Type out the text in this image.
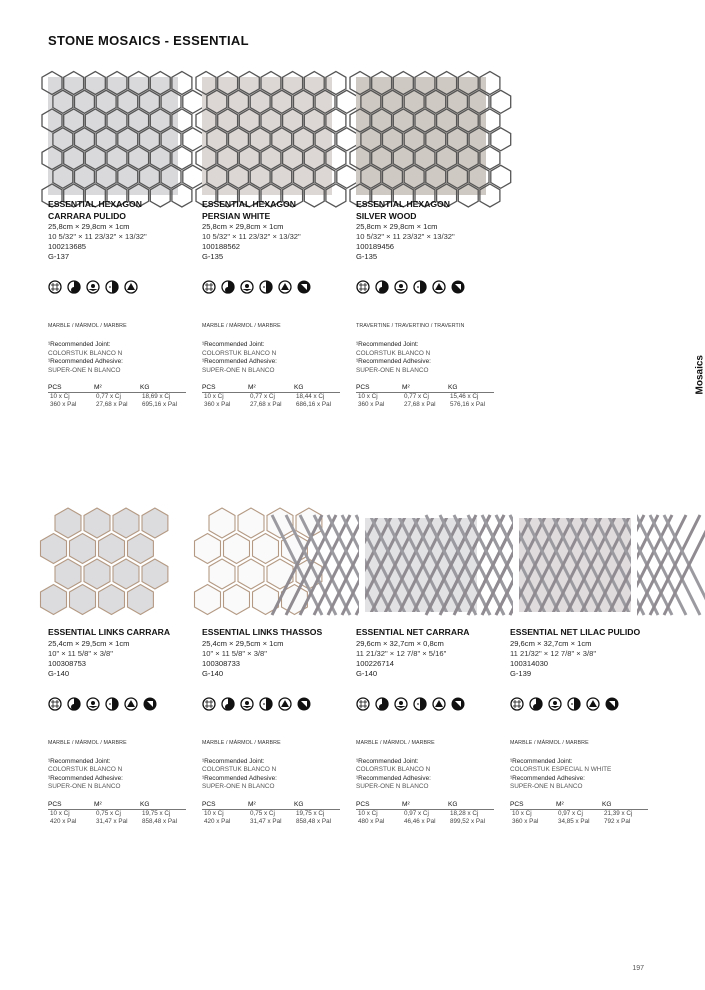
STONE MOSAICS - ESSENTIAL
Mosaics
197
ESSENTIAL HEXAGON
CARRARA PULIDO
25,8cm × 29,8cm × 1cm
10 5/32" × 11 23/32" × 13/32"
100213685
G-137
MARBLE / MÁRMOL / MARBRE
¹Recommended Joint:
COLORSTUK BLANCO N
¹Recommended Adhesive:
SUPER-ONE N BLANCO
PCS	M²	KG
10 x Cj	0,77 x Cj	18,69 x Cj
360 x Pal	27,68 x Pal	695,16 x Pal
ESSENTIAL HEXAGON
PERSIAN WHITE
25,8cm × 29,8cm × 1cm
10 5/32" × 11 23/32" × 13/32"
100188562
G-135
MARBLE / MÁRMOL / MARBRE
¹Recommended Joint:
COLORSTUK BLANCO N
¹Recommended Adhesive:
SUPER-ONE N BLANCO
PCS	M²	KG
10 x Cj	0,77 x Cj	18,44 x Cj
360 x Pal	27,68 x Pal	686,16 x Pal
ESSENTIAL HEXAGON
SILVER WOOD
25,8cm × 29,8cm × 1cm
10 5/32" × 11 23/32" × 13/32"
100189456
G-135
TRAVERTINE / TRAVERTINO / TRAVERTIN
¹Recommended Joint:
COLORSTUK BLANCO N
¹Recommended Adhesive:
SUPER-ONE N BLANCO
PCS	M²	KG
10 x Cj	0,77 x Cj	15,46 x Cj
360 x Pal	27,68 x Pal	576,16 x Pal
ESSENTIAL LINKS CARRARA
25,4cm × 29,5cm × 1cm
10" × 11 5/8" × 3/8"
100308753
G-140
MARBLE / MÁRMOL / MARBRE
¹Recommended Joint:
COLORSTUK BLANCO N
¹Recommended Adhesive:
SUPER-ONE N BLANCO
PCS	M²	KG
10 x Cj	0,75 x Cj	19,75 x Cj
420 x Pal	31,47 x Pal	858,48 x Pal
ESSENTIAL LINKS THASSOS
25,4cm × 29,5cm × 1cm
10" × 11 5/8" × 3/8"
100308733
G-140
MARBLE / MÁRMOL / MARBRE
¹Recommended Joint:
COLORSTUK BLANCO N
¹Recommended Adhesive:
SUPER-ONE N BLANCO
PCS	M²	KG
10 x Cj	0,75 x Cj	19,75 x Cj
420 x Pal	31,47 x Pal	858,48 x Pal
ESSENTIAL NET CARRARA
29,6cm × 32,7cm × 0,8cm
11 21/32" × 12 7/8" × 5/16"
100226714
G-140
MARBLE / MÁRMOL / MARBRE
¹Recommended Joint:
COLORSTUK BLANCO N
¹Recommended Adhesive:
SUPER-ONE N BLANCO
PCS	M²	KG
10 x Cj	0,97 x Cj	18,28 x Cj
480 x Pal	46,46 x Pal	899,52 x Pal
ESSENTIAL NET LILAC PULIDO
29,6cm × 32,7cm × 1cm
11 21/32" × 12 7/8" × 3/8"
100314030
G-139
MARBLE / MÁRMOL / MARBRE
¹Recommended Joint:
COLORSTUK ESPECIAL N WHITE
¹Recommended Adhesive:
SUPER-ONE N BLANCO
PCS	M²	KG
10 x Cj	0,97 x Cj	21,39 x Cj
360 x Pal	34,85 x Pal	792 x Pal
